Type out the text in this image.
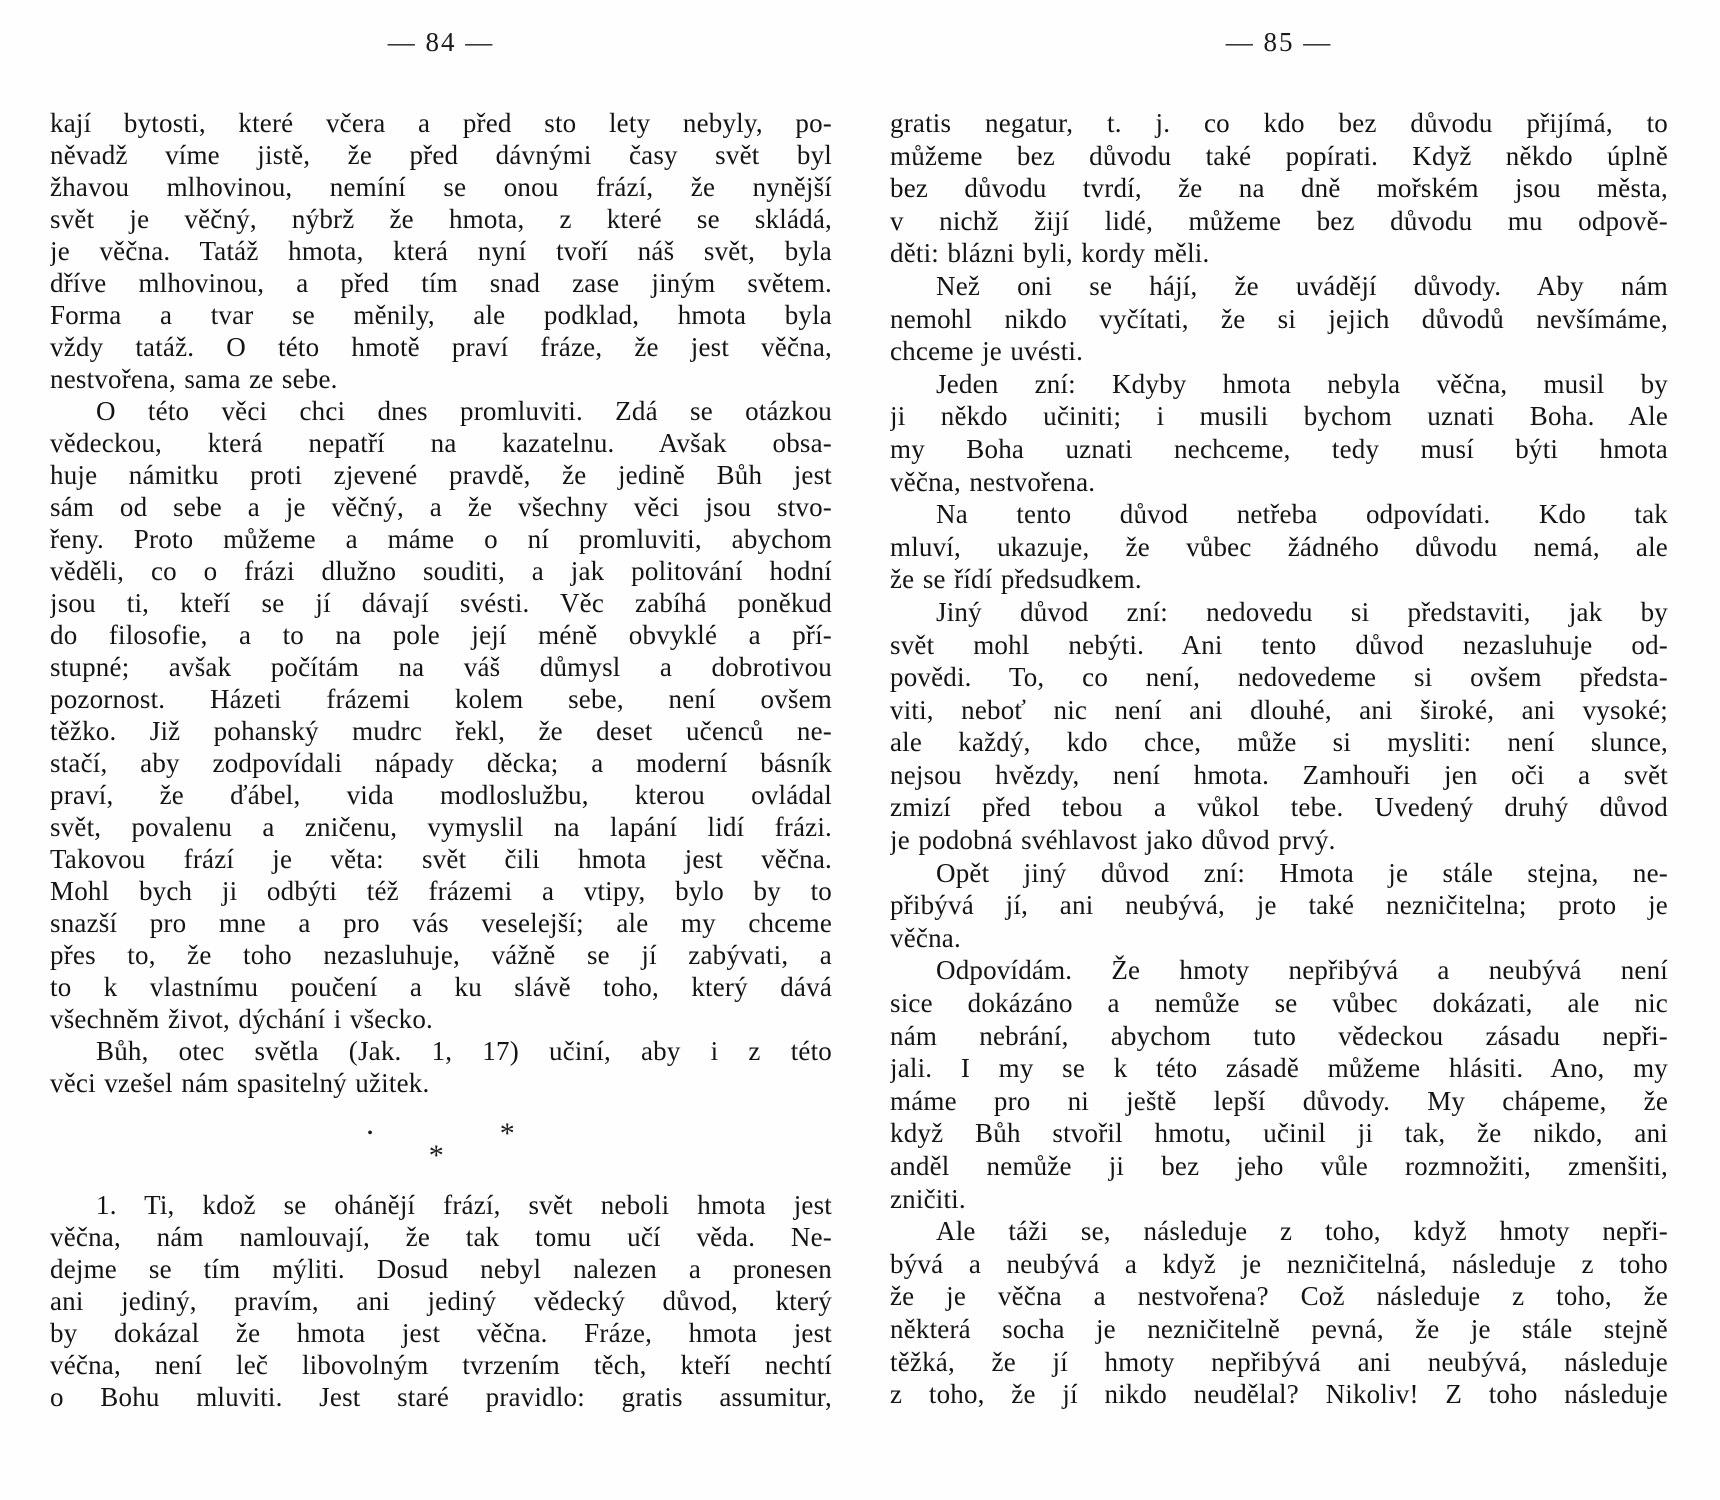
— 84 —

kají bytosti, které včera a před sto lety nebyly, po-
něvadž víme jistě, že před dávnými časy svět byl
žhavou mlhovinou, nemíní se onou frází, že nynější
svět je věčný, nýbrž že hmota, z které se skládá,
je věčna. Tatáž hmota, která nyní tvoří náš svět, byla
dříve mlhovinou, a před tím snad zase jiným světem.
Forma a tvar se měnily, ale podklad, hmota byla
vždy tatáž. O této hmotě praví fráze, že jest věčna,
nestvořena, sama ze sebe.

O této věci chci dnes promluviti. Zdá se otázkou
vědeckou, která nepatří na kazatelnu. Avšak obsa-
huje námitku proti zjevené pravdě, že jedině Bůh jest
sám od sebe a je věčný, a že všechny věci jsou stvo-
řeny. Proto můžeme a máme o ní promluviti, abychom
věděli, co o frázi dlužno souditi, a jak politování hodní
jsou ti, kteří se jí dávají svésti. Věc zabíhá poněkud
do filosofie, a to na pole její méně obvyklé a pří-
stupné; avšak počítám na váš důmysl a dobrotivou
pozornost. Házeti frázemi kolem sebe, není ovšem
těžko. Již pohanský mudrc řekl, že deset učenců ne-
stačí, aby zodpovídali nápady děcka; a moderní básník
praví, že ďábel, vida modloslužbu, kterou ovládal
svět, povalenu a zničenu, vymyslil na lapání lidí frázi.
Takovou frází je věta: svět čili hmota jest věčna.
Mohl bych ji odbýti též frázemi a vtipy, bylo by to
snazší pro mne a pro vás veselejší; ale my chceme
přes to, že toho nezasluhuje, vážně se jí zabývati, a
to k vlastnímu poučení a ku slávě toho, který dává
všechněm život, dýchání i všecko.

Bůh, otec světla (Jak. 1, 17) učiní, aby i z této
věci vzešel nám spasitelný užitek.

•
*
*

1. Ti, kdož se ohánějí frází, svět neboli hmota jest
věčna, nám namlouvají, že tak tomu učí věda. Ne-
dejme se tím mýliti. Dosud nebyl nalezen a pronesen
ani jediný, pravím, ani jediný vědecký důvod, který
by dokázal že hmota jest věčna. Fráze, hmota jest
véčna, není leč libovolným tvrzením těch, kteří nechtí
o Bohu mluviti. Jest staré pravidlo: gratis assumitur,

— 85 —

gratis negatur, t. j. co kdo bez důvodu přijímá, to
můžeme bez důvodu také popírati. Když někdo úplně
bez důvodu tvrdí, že na dně mořském jsou města,
v nichž žijí lidé, můžeme bez důvodu mu odpově-
děti: blázni byli, kordy měli.

Než oni se hájí, že uvádějí důvody. Aby nám
nemohl nikdo vyčítati, že si jejich důvodů nevšímáme,
chceme je uvésti.

Jeden zní: Kdyby hmota nebyla věčna, musil by
ji někdo učiniti; i musili bychom uznati Boha. Ale
my Boha uznati nechceme, tedy musí býti hmota
věčna, nestvořena.

Na tento důvod netřeba odpovídati. Kdo tak
mluví, ukazuje, že vůbec žádného důvodu nemá, ale
že se řídí předsudkem.

Jiný důvod zní: nedovedu si představiti, jak by
svět mohl nebýti. Ani tento důvod nezasluhuje od-
povědi. To, co není, nedovedeme si ovšem předsta-
viti, neboť nic není ani dlouhé, ani široké, ani vysoké;
ale každý, kdo chce, může si mysliti: není slunce,
nejsou hvězdy, není hmota. Zamhouři jen oči a svět
zmizí před tebou a vůkol tebe. Uvedený druhý důvod
je podobná svéhlavost jako důvod prvý.

Opět jiný důvod zní: Hmota je stále stejna, ne-
přibývá jí, ani neubývá, je také nezničitelna; proto je
věčna.

Odpovídám. Že hmoty nepřibývá a neubývá není
sice dokázáno a nemůže se vůbec dokázati, ale nic
nám nebrání, abychom tuto vědeckou zásadu nepři-
jali. I my se k této zásadě můžeme hlásiti. Ano, my
máme pro ni ještě lepší důvody. My chápeme, že
když Bůh stvořil hmotu, učinil ji tak, že nikdo, ani
anděl nemůže ji bez jeho vůle rozmnožiti, zmenšiti,
zničiti.

Ale táži se, následuje z toho, když hmoty nepři-
bývá a neubývá a když je nezničitelná, následuje z toho
že je věčna a nestvořena? Což následuje z toho, že
některá socha je nezničitelně pevná, že je stále stejně
těžká, že jí hmoty nepřibývá ani neubývá, následuje
z toho, že jí nikdo neudělal? Nikoliv! Z toho následuje
